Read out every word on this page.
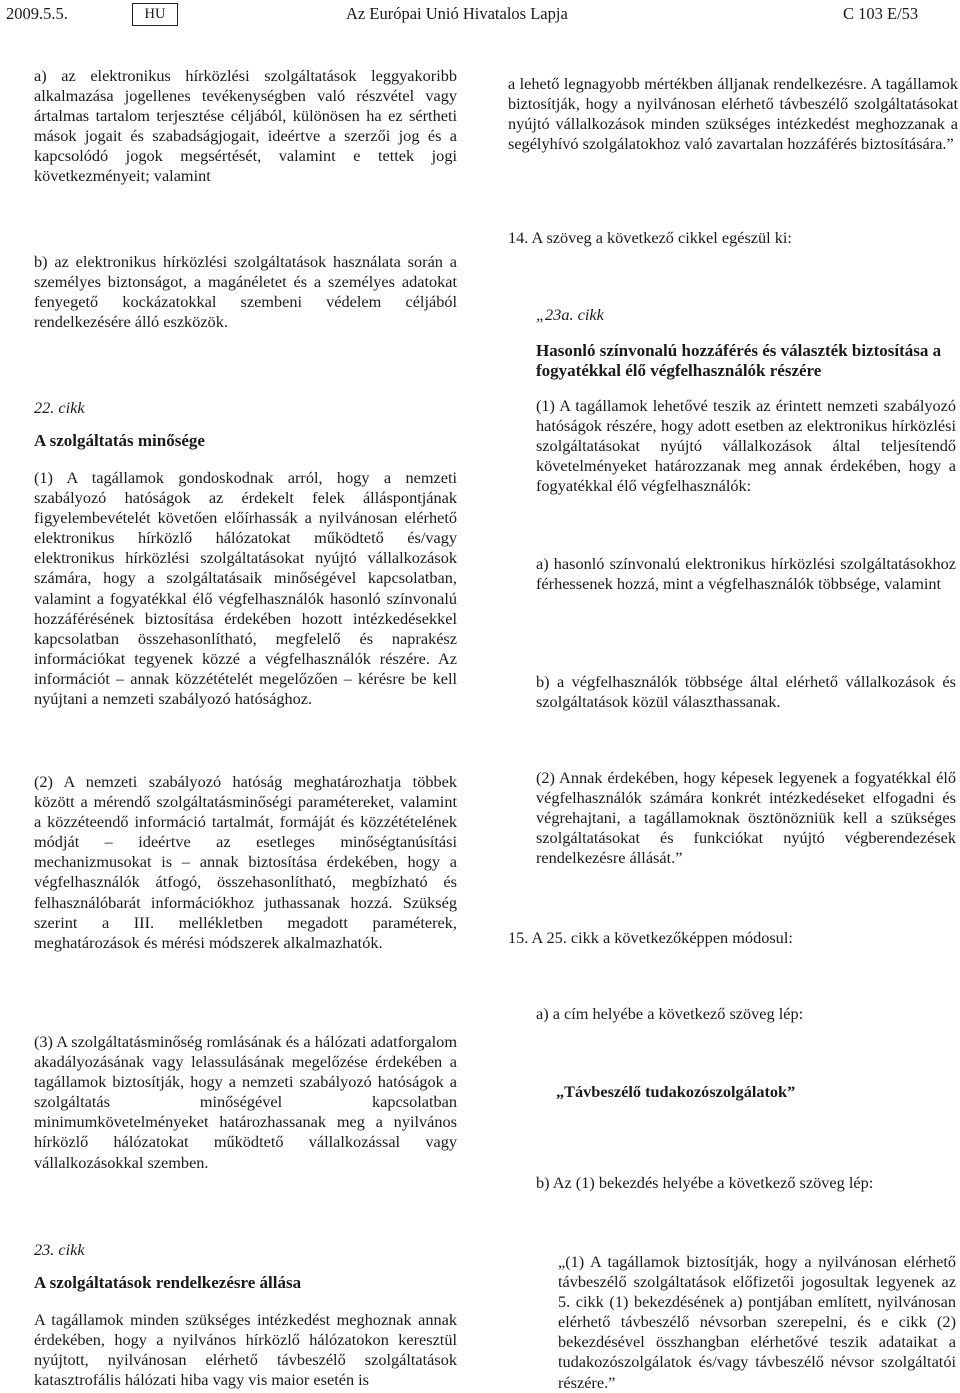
2009.5.5.	HU	Az Európai Unió Hivatalos Lapja	C 103 E/53

a) az elektronikus hírközlési szolgáltatások leggyakoribb alkalmazása jogellenes tevékenységben való részvétel vagy ártalmas tartalom terjesztése céljából, különösen ha ez sértheti mások jogait és szabadságjogait, ideértve a szerzői jog és a kapcsolódó jogok megsértését, valamint e tettek jogi következményeit; valamint

b) az elektronikus hírközlési szolgáltatások használata során a személyes biztonságot, a magánéletet és a személyes adatokat fenyegető kockázatokkal szembeni védelem céljából rendelkezésére álló eszközök.

22. cikk

A szolgáltatás minősége

(1) A tagállamok gondoskodnak arról, hogy a nemzeti szabályozó hatóságok az érdekelt felek álláspontjának figyelembevételét követően előírhassák a nyilvánosan elérhető elektronikus hírközlő hálózatokat működtető és/vagy elektronikus hírközlési szolgáltatásokat nyújtó vállalkozások számára, hogy a szolgáltatásaik minőségével kapcsolatban, valamint a fogyatékkal élő végfelhasználók hasonló színvonalú hozzáférésének biztosítása érdekében hozott intézkedésekkel kapcsolatban összehasonlítható, megfelelő és naprakész információkat tegyenek közzé a végfelhasználók részére. Az információt – annak közzétételét megelőzően – kérésre be kell nyújtani a nemzeti szabályozó hatósághoz.

(2) A nemzeti szabályozó hatóság meghatározhatja többek között a mérendő szolgáltatásminőségi paramétereket, valamint a közzéteendő információ tartalmát, formáját és közzétételének módját – ideértve az esetleges minőségtanúsítási mechanizmusokat is – annak biztosítása érdekében, hogy a végfelhasználók átfogó, összehasonlítható, megbízható és felhasználóbarát információkhoz juthassanak hozzá. Szükség szerint a III. mellékletben megadott paraméterek, meghatározások és mérési módszerek alkalmazhatók.

(3) A szolgáltatásminőség romlásának és a hálózati adatforgalom akadályozásának vagy lelassulásának megelőzése érdekében a tagállamok biztosítják, hogy a nemzeti szabályozó hatóságok a szolgáltatás minőségével kapcsolatban minimumkövetelményeket határozhassanak meg a nyilvános hírközlő hálózatokat működtető vállalkozással vagy vállalkozásokkal szemben.

23. cikk

A szolgáltatások rendelkezésre állása

A tagállamok minden szükséges intézkedést meghoznak annak érdekében, hogy a nyilvános hírközlő hálózatokon keresztül nyújtott, nyilvánosan elérhető távbeszélő szolgáltatások katasztrofális hálózati hiba vagy vis maior esetén is

a lehető legnagyobb mértékben álljanak rendelkezésre. A tagállamok biztosítják, hogy a nyilvánosan elérhető távbeszélő szolgáltatásokat nyújtó vállalkozások minden szükséges intézkedést meghozzanak a segélyhívó szolgálatokhoz való zavartalan hozzáférés biztosítására.”

14. A szöveg a következő cikkel egészül ki:

„23a. cikk

Hasonló színvonalú hozzáférés és választék biztosítása a fogyatékkal élő végfelhasználók részére

(1) A tagállamok lehetővé teszik az érintett nemzeti szabályozó hatóságok részére, hogy adott esetben az elektronikus hírközlési szolgáltatásokat nyújtó vállalkozások által teljesítendő követelményeket határozzanak meg annak érdekében, hogy a fogyatékkal élő végfelhasználók:

a) hasonló színvonalú elektronikus hírközlési szolgáltatásokhoz férhessenek hozzá, mint a végfelhasználók többsége, valamint

b) a végfelhasználók többsége által elérhető vállalkozások és szolgáltatások közül választhassanak.

(2) Annak érdekében, hogy képesek legyenek a fogyatékkal élő végfelhasználók számára konkrét intézkedéseket elfogadni és végrehajtani, a tagállamoknak ösztönözniük kell a szükséges szolgáltatásokat és funkciókat nyújtó végberendezések rendelkezésre állását.”

15. A 25. cikk a következőképpen módosul:

a) a cím helyébe a következő szöveg lép:

„Távbeszélő tudakozószolgálatok”

b) Az (1) bekezdés helyébe a következő szöveg lép:

„(1) A tagállamok biztosítják, hogy a nyilvánosan elérhető távbeszélő szolgáltatások előfizetői jogosultak legyenek az 5. cikk (1) bekezdésének a) pontjában említett, nyilvánosan elérhető távbeszélő névsorban szerepelni, és e cikk (2) bekezdésével összhangban elérhetővé teszik adataikat a tudakozószolgálatok és/vagy távbeszélő névsor szolgáltatói részére.”
